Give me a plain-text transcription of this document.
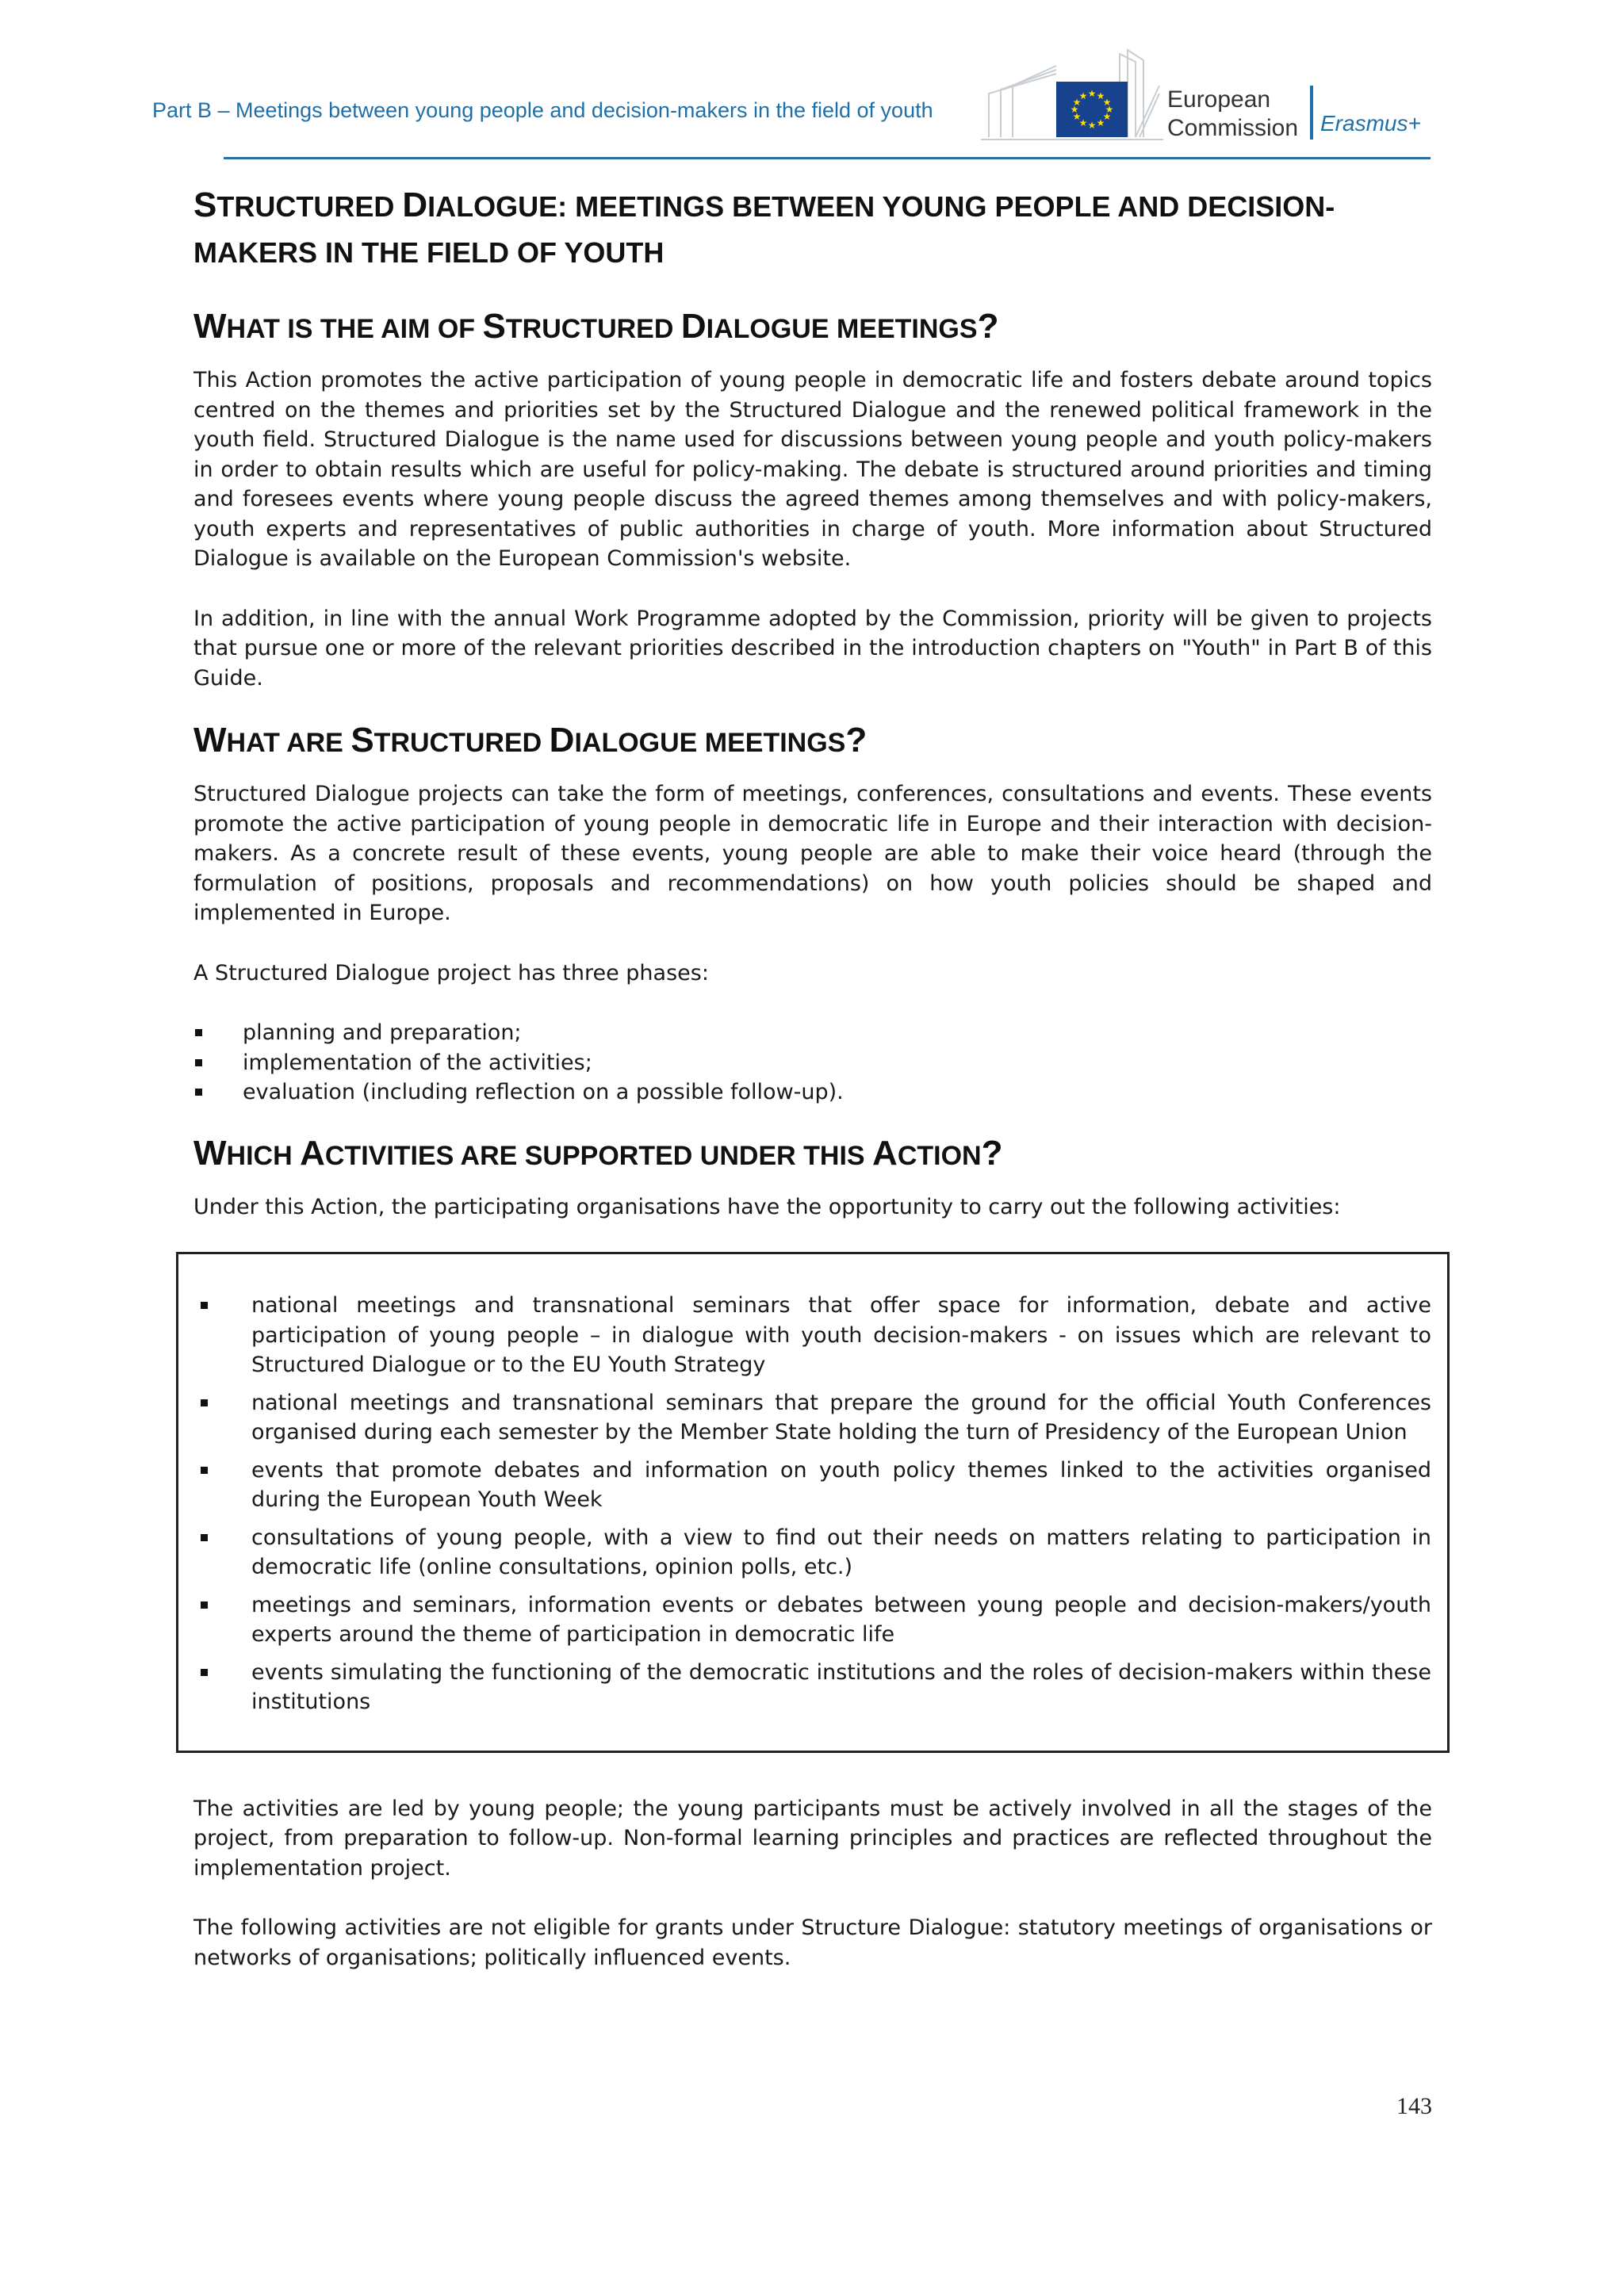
Part B – Meetings between young people and decision-makers in the field of youth
★ ★
★
★
★
★
★
★
★
★
★
★	European
Commission Erasmus+
STRUCTURED DIALOGUE: MEETINGS BETWEEN YOUNG PEOPLE AND DECISION-MAKERS IN THE FIELD OF YOUTH
WHAT IS THE AIM OF STRUCTURED DIALOGUE MEETINGS?

This Action promotes the active participation of young people in democratic life and fosters debate around topics centred on the themes and priorities set by the Structured Dialogue and the renewed political framework in the youth field. Structured Dialogue is the name used for discussions between young people and youth policy-makers in order to obtain results which are useful for policy-making. The debate is structured around priorities and timing and foresees events where young people discuss the agreed themes among themselves and with policy-makers, youth experts and representatives of public authorities in charge of youth. More information about Structured Dialogue is available on the European Commission's website.

In addition, in line with the annual Work Programme adopted by the Commission, priority will be given to projects that pursue one or more of the relevant priorities described in the introduction chapters on "Youth" in Part B of this Guide.

WHAT ARE STRUCTURED DIALOGUE MEETINGS?

Structured Dialogue projects can take the form of meetings, conferences, consultations and events. These events promote the active participation of young people in democratic life in Europe and their interaction with decision-makers. As a concrete result of these events, young people are able to make their voice heard (through the formulation of positions, proposals and recommendations) on how youth policies should be shaped and implemented in Europe.

A Structured Dialogue project has three phases:

planning and preparation;
implementation of the activities;
evaluation (including reflection on a possible follow-up).
WHICH ACTIVITIES ARE SUPPORTED UNDER THIS ACTION?

Under this Action, the participating organisations have the opportunity to carry out the following activities:

national meetings and transnational seminars that offer space for information, debate and active participation of young people – in dialogue with youth decision-makers - on issues which are relevant to Structured Dialogue or to the EU Youth Strategy
national meetings and transnational seminars that prepare the ground for the official Youth Conferences organised during each semester by the Member State holding the turn of Presidency of the European Union
events that promote debates and information on youth policy themes linked to the activities organised during the European Youth Week
consultations of young people, with a view to find out their needs on matters relating to participation in democratic life (online consultations, opinion polls, etc.)
meetings and seminars, information events or debates between young people and decision-makers/youth experts around the theme of participation in democratic life
events simulating the functioning of the democratic institutions and the roles of decision-makers within these institutions

The activities are led by young people; the young participants must be actively involved in all the stages of the project, from preparation to follow-up. Non-formal learning principles and practices are reflected throughout the implementation project.

The following activities are not eligible for grants under Structure Dialogue: statutory meetings of organisations or networks of organisations; politically influenced events.

143
